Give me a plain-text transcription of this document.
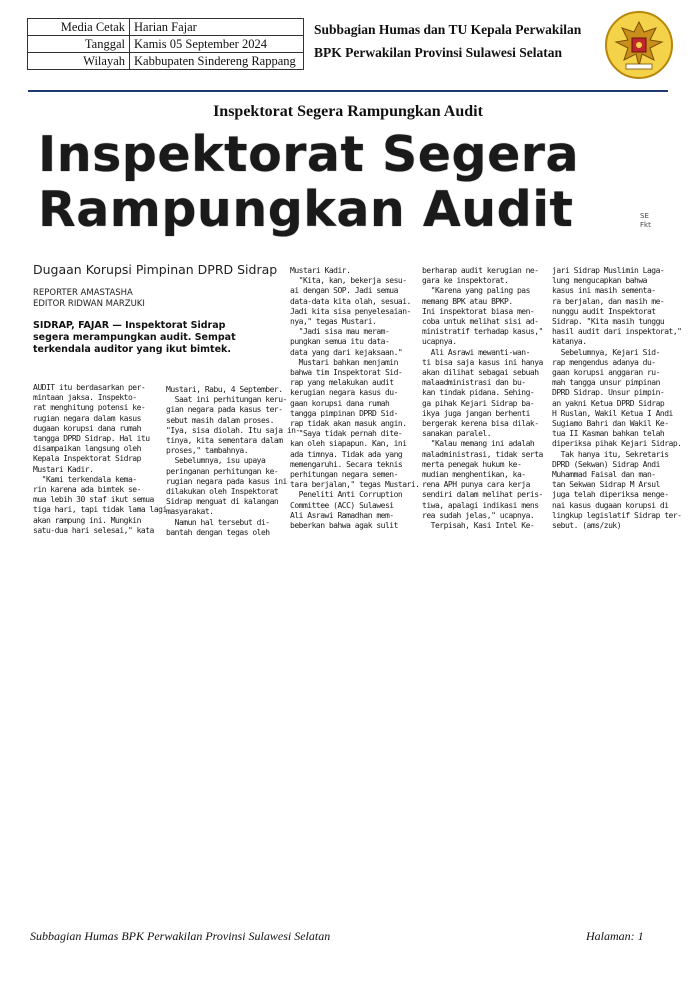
Media Cetak	Harian Fajar
Tanggal	Kamis 05 September 2024
Wilayah	Kabbupaten Sindereng Rappang
Subbagian Humas dan TU Kepala Perwakilan
BPK Perwakilan Provinsi Sulawesi Selatan
Inspektorat Segera Rampungkan Audit
Inspektorat Segera
Rampungkan Audit	SE
Fkt
Dugaan Korupsi Pimpinan DPRD Sidrap
REPORTER AMASTASHA
EDITOR RIDWAN MARZUKI
SIDRAP, FAJAR — Inspektorat Sidrap segera merampungkan audit. Sempat terkendala auditor yang ikut bimtek.
AUDIT itu berdasarkan per-
mintaan jaksa. Inspekto-
rat menghitung potensi ke-
rugian negara dalam kasus
dugaan korupsi dana rumah
tangga DPRD Sidrap. Hal itu
disampaikan langsung oleh
Kepala Inspektorat Sidrap
Mustari Kadir.
"Kami terkendala kema-
rin karena ada bimtek se-
mua lebih 30 staf ikut semua
tiga hari, tapi tidak lama lagi
akan rampung ini. Mungkin
satu-dua hari selesai," kata
Mustari, Rabu, 4 September.
Saat ini perhitungan keru-
gian negara pada kasus ter-
sebut masih dalam proses.
"Iya, sisa diolah. Itu saja in-
tinya, kita sementara dalam
proses," tambahnya.
Sebelumnya, isu upaya
peringanan perhitungan ke-
rugian negara pada kasus ini
dilakukan oleh Inspektorat
Sidrap menguat di kalangan
masyarakat.
Namun hal tersebut di-
bantah dengan tegas oleh
Mustari Kadir.
"Kita, kan, bekerja sesu-
ai dengan SOP. Jadi semua
data-data kita olah, sesuai.
Jadi kita sisa penyelesaian-
nya," tegas Mustari.
"Jadi sisa mau meram-
pungkan semua itu data-
data yang dari kejaksaan."
Mustari bahkan menjamin
bahwa tim Inspektorat Sid-
rap yang melakukan audit
kerugian negara kasus du-
gaan korupsi dana rumah
tangga pimpinan DPRD Sid-
rap tidak akan masuk angin.
"Saya tidak pernah dite-
kan oleh siapapun. Kan, ini
ada timnya. Tidak ada yang
memengaruhi. Secara teknis
perhitungan negara semen-
tara berjalan," tegas Mustari.
Peneliti Anti Corruption
Committee (ACC) Sulawesi
Ali Asrawi Ramadhan mem-
beberkan bahwa agak sulit
berharap audit kerugian ne-
gara ke inspektorat.
"Karena yang paling pas
memang BPK atau BPKP.
Ini inspektorat biasa men-
coba untuk melihat sisi ad-
ministratif terhadap kasus,"
ucapnya.
Ali Asrawi mewanti-wan-
ti bisa saja kasus ini hanya
akan dilihat sebagai sebuah
malaadministrasi dan bu-
kan tindak pidana. Sehing-
ga pihak Kejari Sidrap ba-
ikya juga jangan berhenti
bergerak kerena bisa dilak-
sanakan paralel.
"Kalau memang ini adalah
maladministrasi, tidak serta
merta penegak hukum ke-
mudian menghentikan, ka-
rena APH punya cara kerja
sendiri dalam melihat peris-
tiwa, apalagi indikasi mens
rea sudah jelas," ucapnya.
Terpisah, Kasi Intel Ke-
jari Sidrap Muslimin Laga-
lung mengucapkan bahwa
kasus ini masih sementa-
ra berjalan, dan masih me-
nunggu audit Inspektorat
Sidrap. "Kita masih tunggu
hasil audit dari inspektorat,"
katanya.
Sebelumnya, Kejari Sid-
rap mengendus adanya du-
gaan korupsi anggaran ru-
mah tangga unsur pimpinan
DPRD Sidrap. Unsur pimpin-
an yakni Ketua DPRD Sidrap
H Ruslan, Wakil Ketua I Andi
Sugiamo Bahri dan Wakil Ke-
tua II Kasman bahkan telah
diperiksa pihak Kejari Sidrap.
Tak hanya itu, Sekretaris
DPRD (Sekwan) Sidrap Andi
Muhammad Faisal dan man-
tan Sekwan Sidrap M Arsul
juga telah diperiksa menge-
nai kasus dugaan korupsi di
lingkup legislatif Sidrap ter-
sebut. (ams/zuk)
Subbagian Humas BPK Perwakilan Provinsi Sulawesi Selatan	Halaman: 1
